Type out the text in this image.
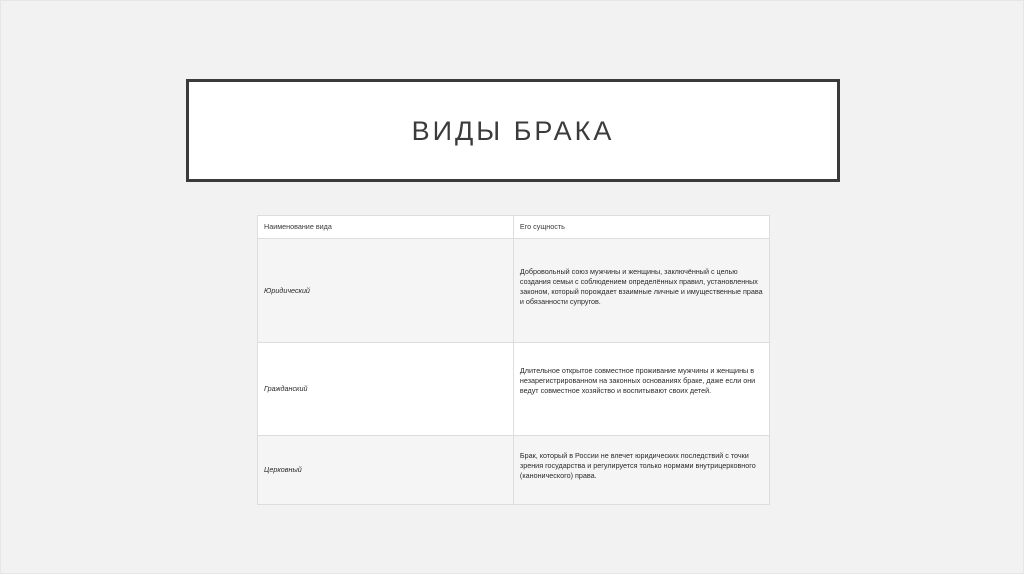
ВИДЫ БРАКА
Наименование вида	Его сущность
Юридический	Добровольный союз мужчины и женщины, заключённый с целью создания семьи с соблюдением определённых правил, установленных законом, который порождает взаимные личные и имущественные права и обязанности супругов.
Гражданский	Длительное открытое совместное проживание мужчины и женщины в незарегистрированном на законных основаниях браке, даже если они ведут совместное хозяйство и воспитывают своих детей.
Церковный	Брак, который в России не влечет юридических последствий с точки зрения государства и регулируется только нормами внутрицерковного (канонического) права.
